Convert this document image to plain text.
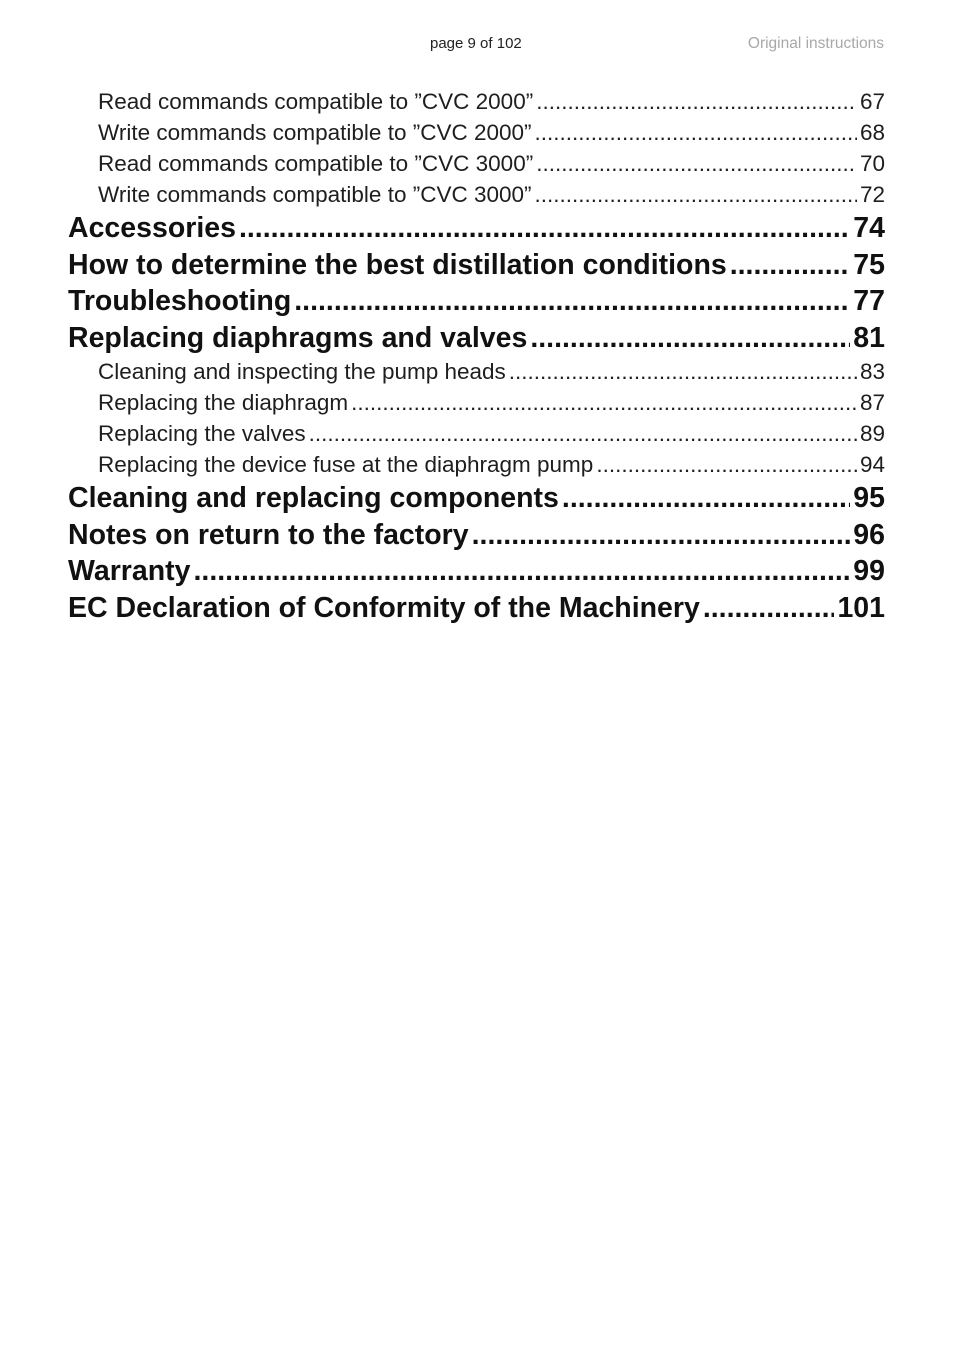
page 9 of 102	Original instructions
Read commands compatible to ”CVC 2000” .....	67
Write commands compatible to ”CVC 2000” .....	68
Read commands compatible to ”CVC 3000” .....	70
Write commands compatible to ”CVC 3000” .....	72
Accessories .....	74
How to determine the best distillation conditions .....	75
Troubleshooting .....	77
Replacing diaphragms and valves .....	81
Cleaning and inspecting the pump heads .....	83
Replacing the diaphragm .....	87
Replacing the valves .....	89
Replacing the device fuse at the diaphragm pump .....	94
Cleaning and replacing components .....	95
Notes on return to the factory .....	96
Warranty .....	99
EC Declaration of Conformity of the Machinery .....	101
